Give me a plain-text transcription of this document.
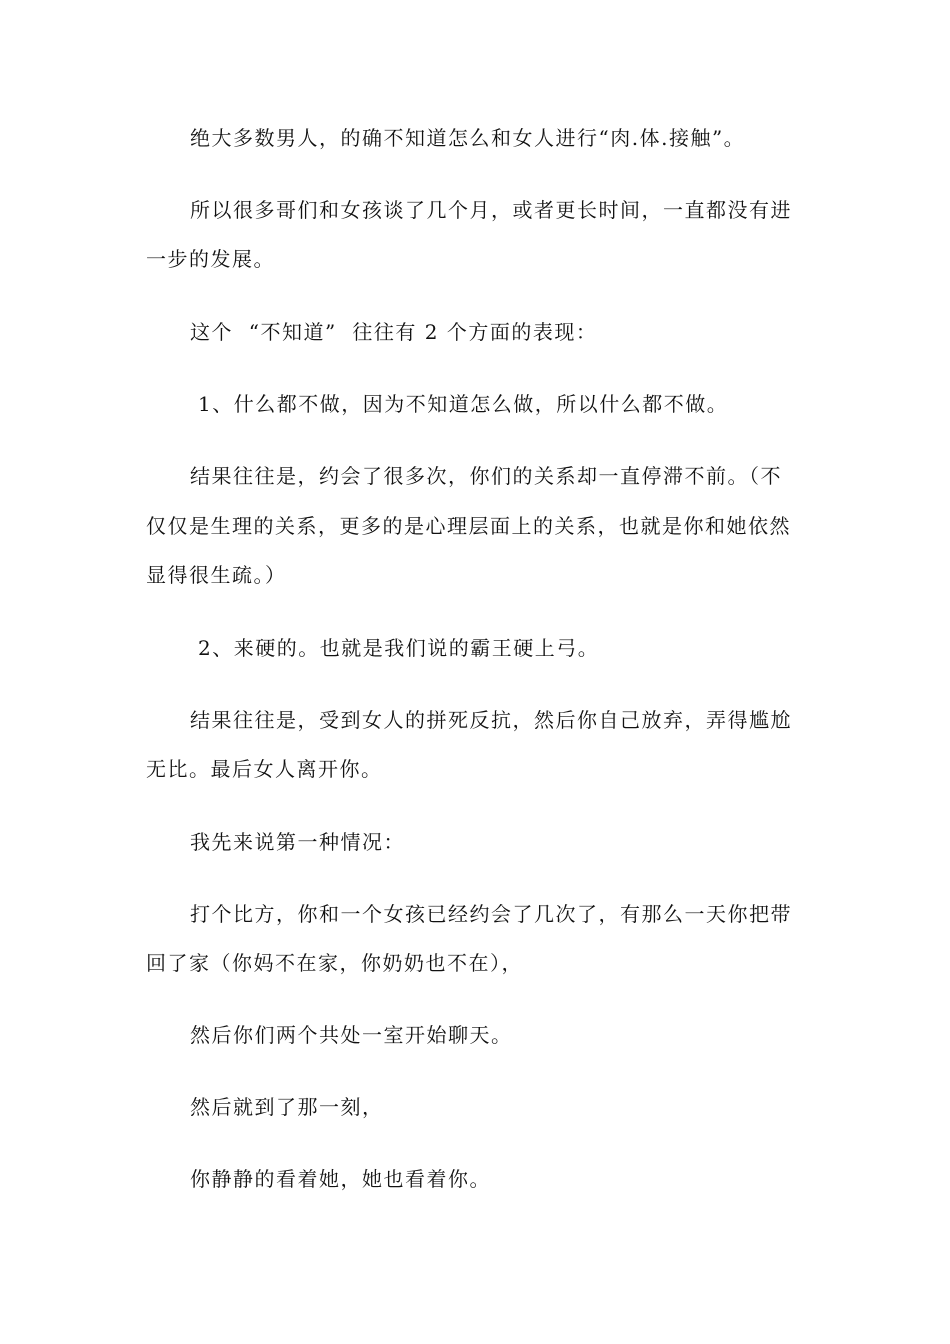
绝大多数男人，的确不知道怎么和女人进行“肉.体.接触”。
所以很多哥们和女孩谈了几个月，或者更长时间，一直都没有进
一步的发展。
这个  “不知道”  往往有 2 个方面的表现：
1、什么都不做，因为不知道怎么做，所以什么都不做。
结果往往是，约会了很多次，你们的关系却一直停滞不前。（不
仅仅是生理的关系，更多的是心理层面上的关系，也就是你和她依然
显得很生疏。）
2、来硬的。也就是我们说的霸王硬上弓。
结果往往是，受到女人的拼死反抗，然后你自己放弃，弄得尴尬
无比。最后女人离开你。
我先来说第一种情况：
打个比方，你和一个女孩已经约会了几次了，有那么一天你把带
回了家（你妈不在家，你奶奶也不在），
然后你们两个共处一室开始聊天。
然后就到了那一刻，
你静静的看着她，她也看着你。
